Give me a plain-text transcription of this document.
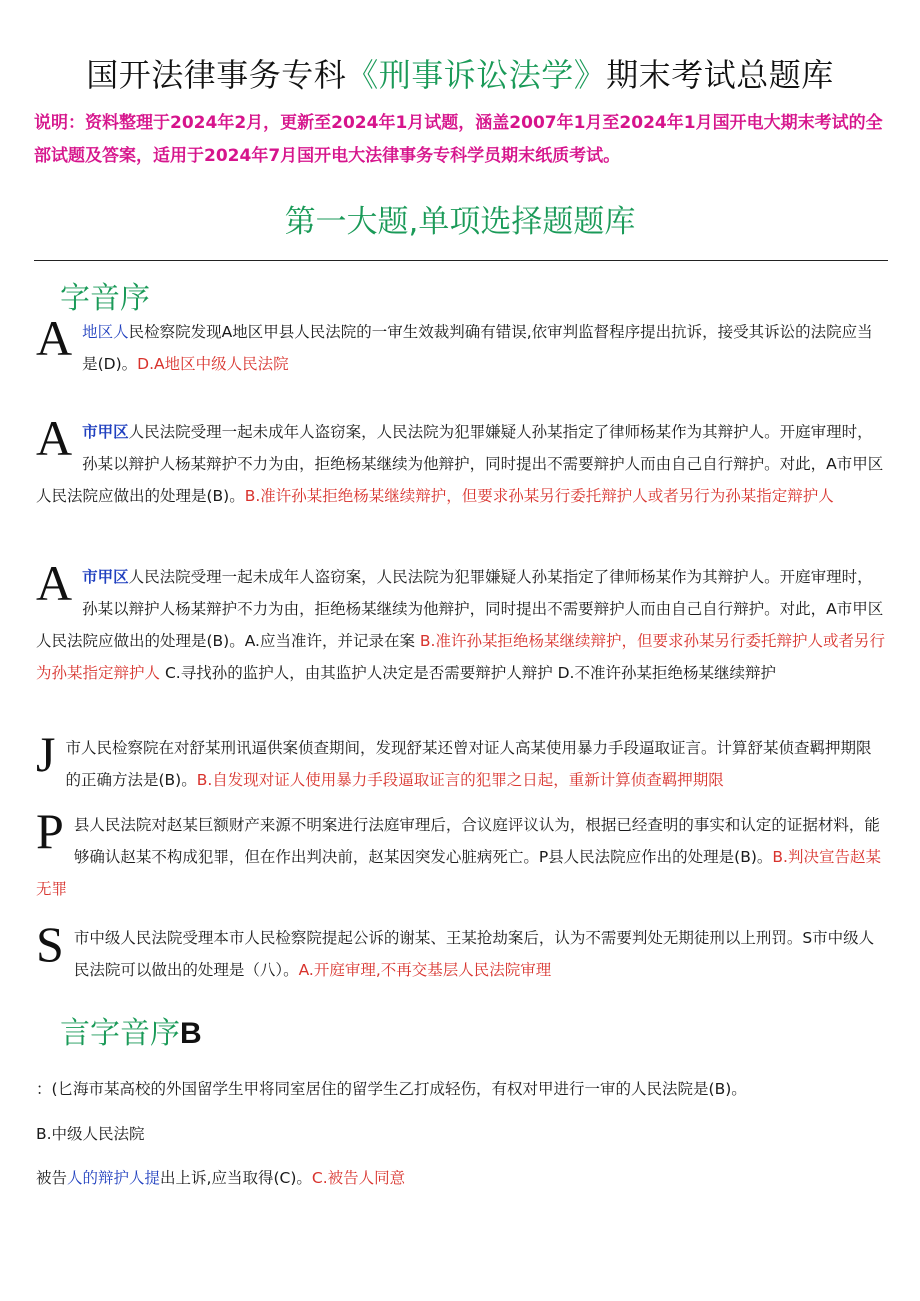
国开法律事务专科《刑事诉讼法学》期末考试总题库
说明：资料整理于2024年2月，更新至2024年1月试题，涵盖2007年1月至2024年1月国开电大期末考试的全部试题及答案，适用于2024年7月国开电大法律事务专科学员期末纸质考试。
第一大题,单项选择题题库
字音序
A地区人民检察院发现A地区甲县人民法院的一审生效裁判确有错误,依审判监督程序提出抗诉，接受其诉讼的法院应当是(D)。D.A地区中级人民法院
A市甲区人民法院受理一起未成年人盗窃案，人民法院为犯罪嫌疑人孙某指定了律师杨某作为其辩护人。开庭审理时，孙某以辩护人杨某辩护不力为由，拒绝杨某继续为他辩护，同时提出不需要辩护人而由自己自行辩护。对此，A市甲区人民法院应做出的处理是(B)。B.准许孙某拒绝杨某继续辩护，但要求孙某另行委托辩护人或者另行为孙某指定辩护人
A市甲区人民法院受理一起未成年人盗窃案，人民法院为犯罪嫌疑人孙某指定了律师杨某作为其辩护人。开庭审理时，孙某以辩护人杨某辩护不力为由，拒绝杨某继续为他辩护，同时提出不需要辩护人而由自己自行辩护。对此，A市甲区人民法院应做出的处理是(B)。A.应当准许，并记录在案 B.准许孙某拒绝杨某继续辩护，但要求孙某另行委托辩护人或者另行为孙某指定辩护人 C.寻找孙的监护人，由其监护人决定是否需要辩护人辩护 D.不准许孙某拒绝杨某继续辩护
J市人民检察院在对舒某刑讯逼供案侦查期间，发现舒某还曾对证人高某使用暴力手段逼取证言。计算舒某侦查羁押期限的正确方法是(B)。B.自发现对证人使用暴力手段逼取证言的犯罪之日起，重新计算侦查羁押期限
P县人民法院对赵某巨额财产来源不明案进行法庭审理后，合议庭评议认为，根据已经查明的事实和认定的证据材料，能够确认赵某不构成犯罪，但在作出判决前，赵某因突发心脏病死亡。P县人民法院应作出的处理是(B)。B.判决宣告赵某无罪
S市中级人民法院受理本市人民检察院提起公诉的谢某、王某抢劫案后，认为不需要判处无期徒刑以上刑罚。S市中级人民法院可以做出的处理是（八）。A.开庭审理,不再交基层人民法院审理
言字音序B
：(匕海市某高校的外国留学生甲将同室居住的留学生乙打成轻伤，有权对甲进行一审的人民法院是(B)。
B.中级人民法院
被告人的辩护人提出上诉,应当取得(C)。C.被告人同意
